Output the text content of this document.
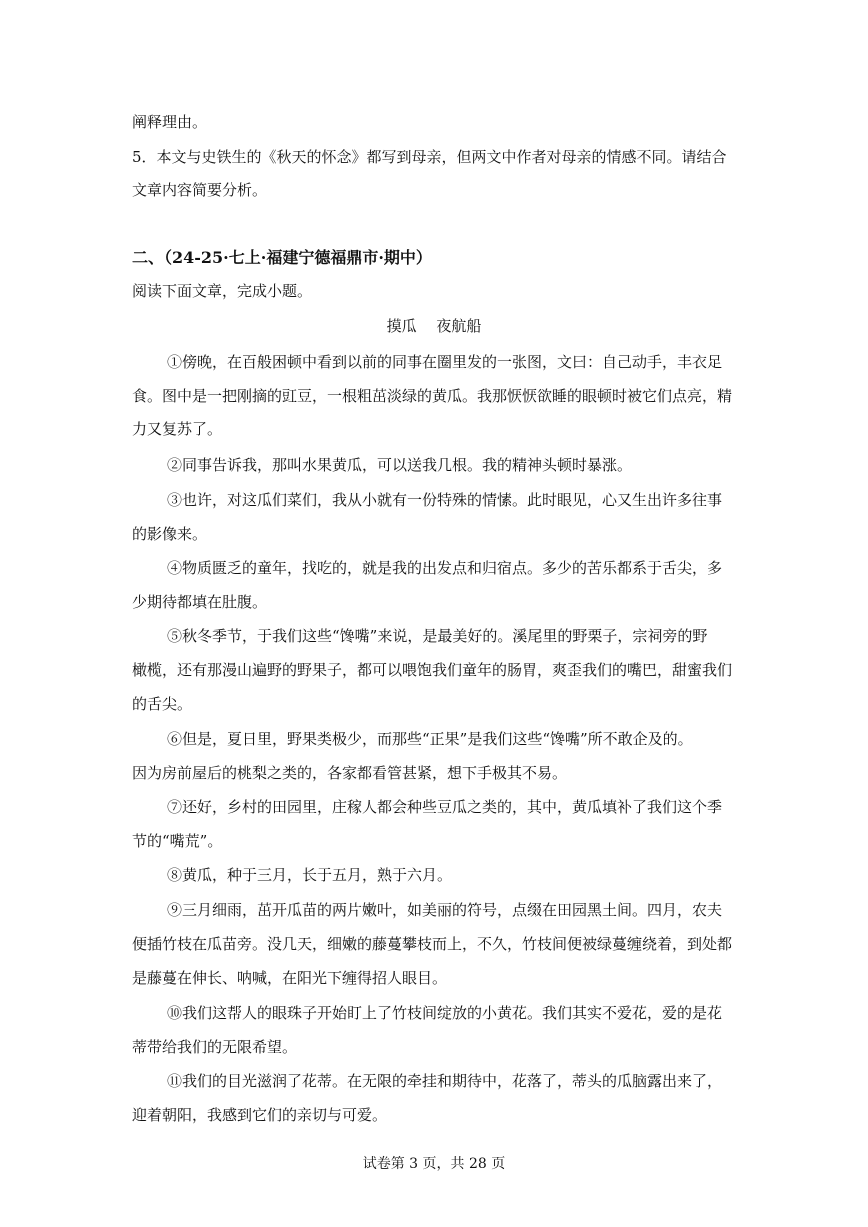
阐释理由。
5．本文与史铁生的《秋天的怀念》都写到母亲，但两文中作者对母亲的情感不同。请结合
文章内容简要分析。
二、（24-25·七上·福建宁德福鼎市·期中）
阅读下面文章，完成小题。
摸瓜　 夜航船
①傍晚，在百般困顿中看到以前的同事在圈里发的一张图，文曰：自己动手，丰衣足
食。图中是一把刚摘的豇豆，一根粗茁淡绿的黄瓜。我那恹恹欲睡的眼顿时被它们点亮，精
力又复苏了。
②同事告诉我，那叫水果黄瓜，可以送我几根。我的精神头顿时暴涨。
③也许，对这瓜们菜们，我从小就有一份特殊的情愫。此时眼见，心又生出许多往事
的影像来。
④物质匮乏的童年，找吃的，就是我的出发点和归宿点。多少的苦乐都系于舌尖，多
少期待都填在肚腹。
⑤秋冬季节，于我们这些“馋嘴”来说，是最美好的。溪尾里的野栗子，宗祠旁的野
橄榄，还有那漫山遍野的野果子，都可以喂饱我们童年的肠胃，爽歪我们的嘴巴，甜蜜我们
的舌尖。
⑥但是，夏日里，野果类极少，而那些“正果”是我们这些“馋嘴”所不敢企及的。
因为房前屋后的桃梨之类的，各家都看管甚紧，想下手极其不易。
⑦还好，乡村的田园里，庄稼人都会种些豆瓜之类的，其中，黄瓜填补了我们这个季
节的“嘴荒”。
⑧黄瓜，种于三月，长于五月，熟于六月。
⑨三月细雨，茁开瓜苗的两片嫩叶，如美丽的符号，点缀在田园黑土间。四月，农夫
便插竹枝在瓜苗旁。没几天，细嫩的藤蔓攀枝而上，不久，竹枝间便被绿蔓缠绕着，到处都
是藤蔓在伸长、呐喊，在阳光下缠得招人眼目。
⑩我们这帮人的眼珠子开始盯上了竹枝间绽放的小黄花。我们其实不爱花，爱的是花
蒂带给我们的无限希望。
⑪我们的目光滋润了花蒂。在无限的牵挂和期待中，花落了，蒂头的瓜脑露出来了，
迎着朝阳，我感到它们的亲切与可爱。
试卷第 3 页，共 28 页
